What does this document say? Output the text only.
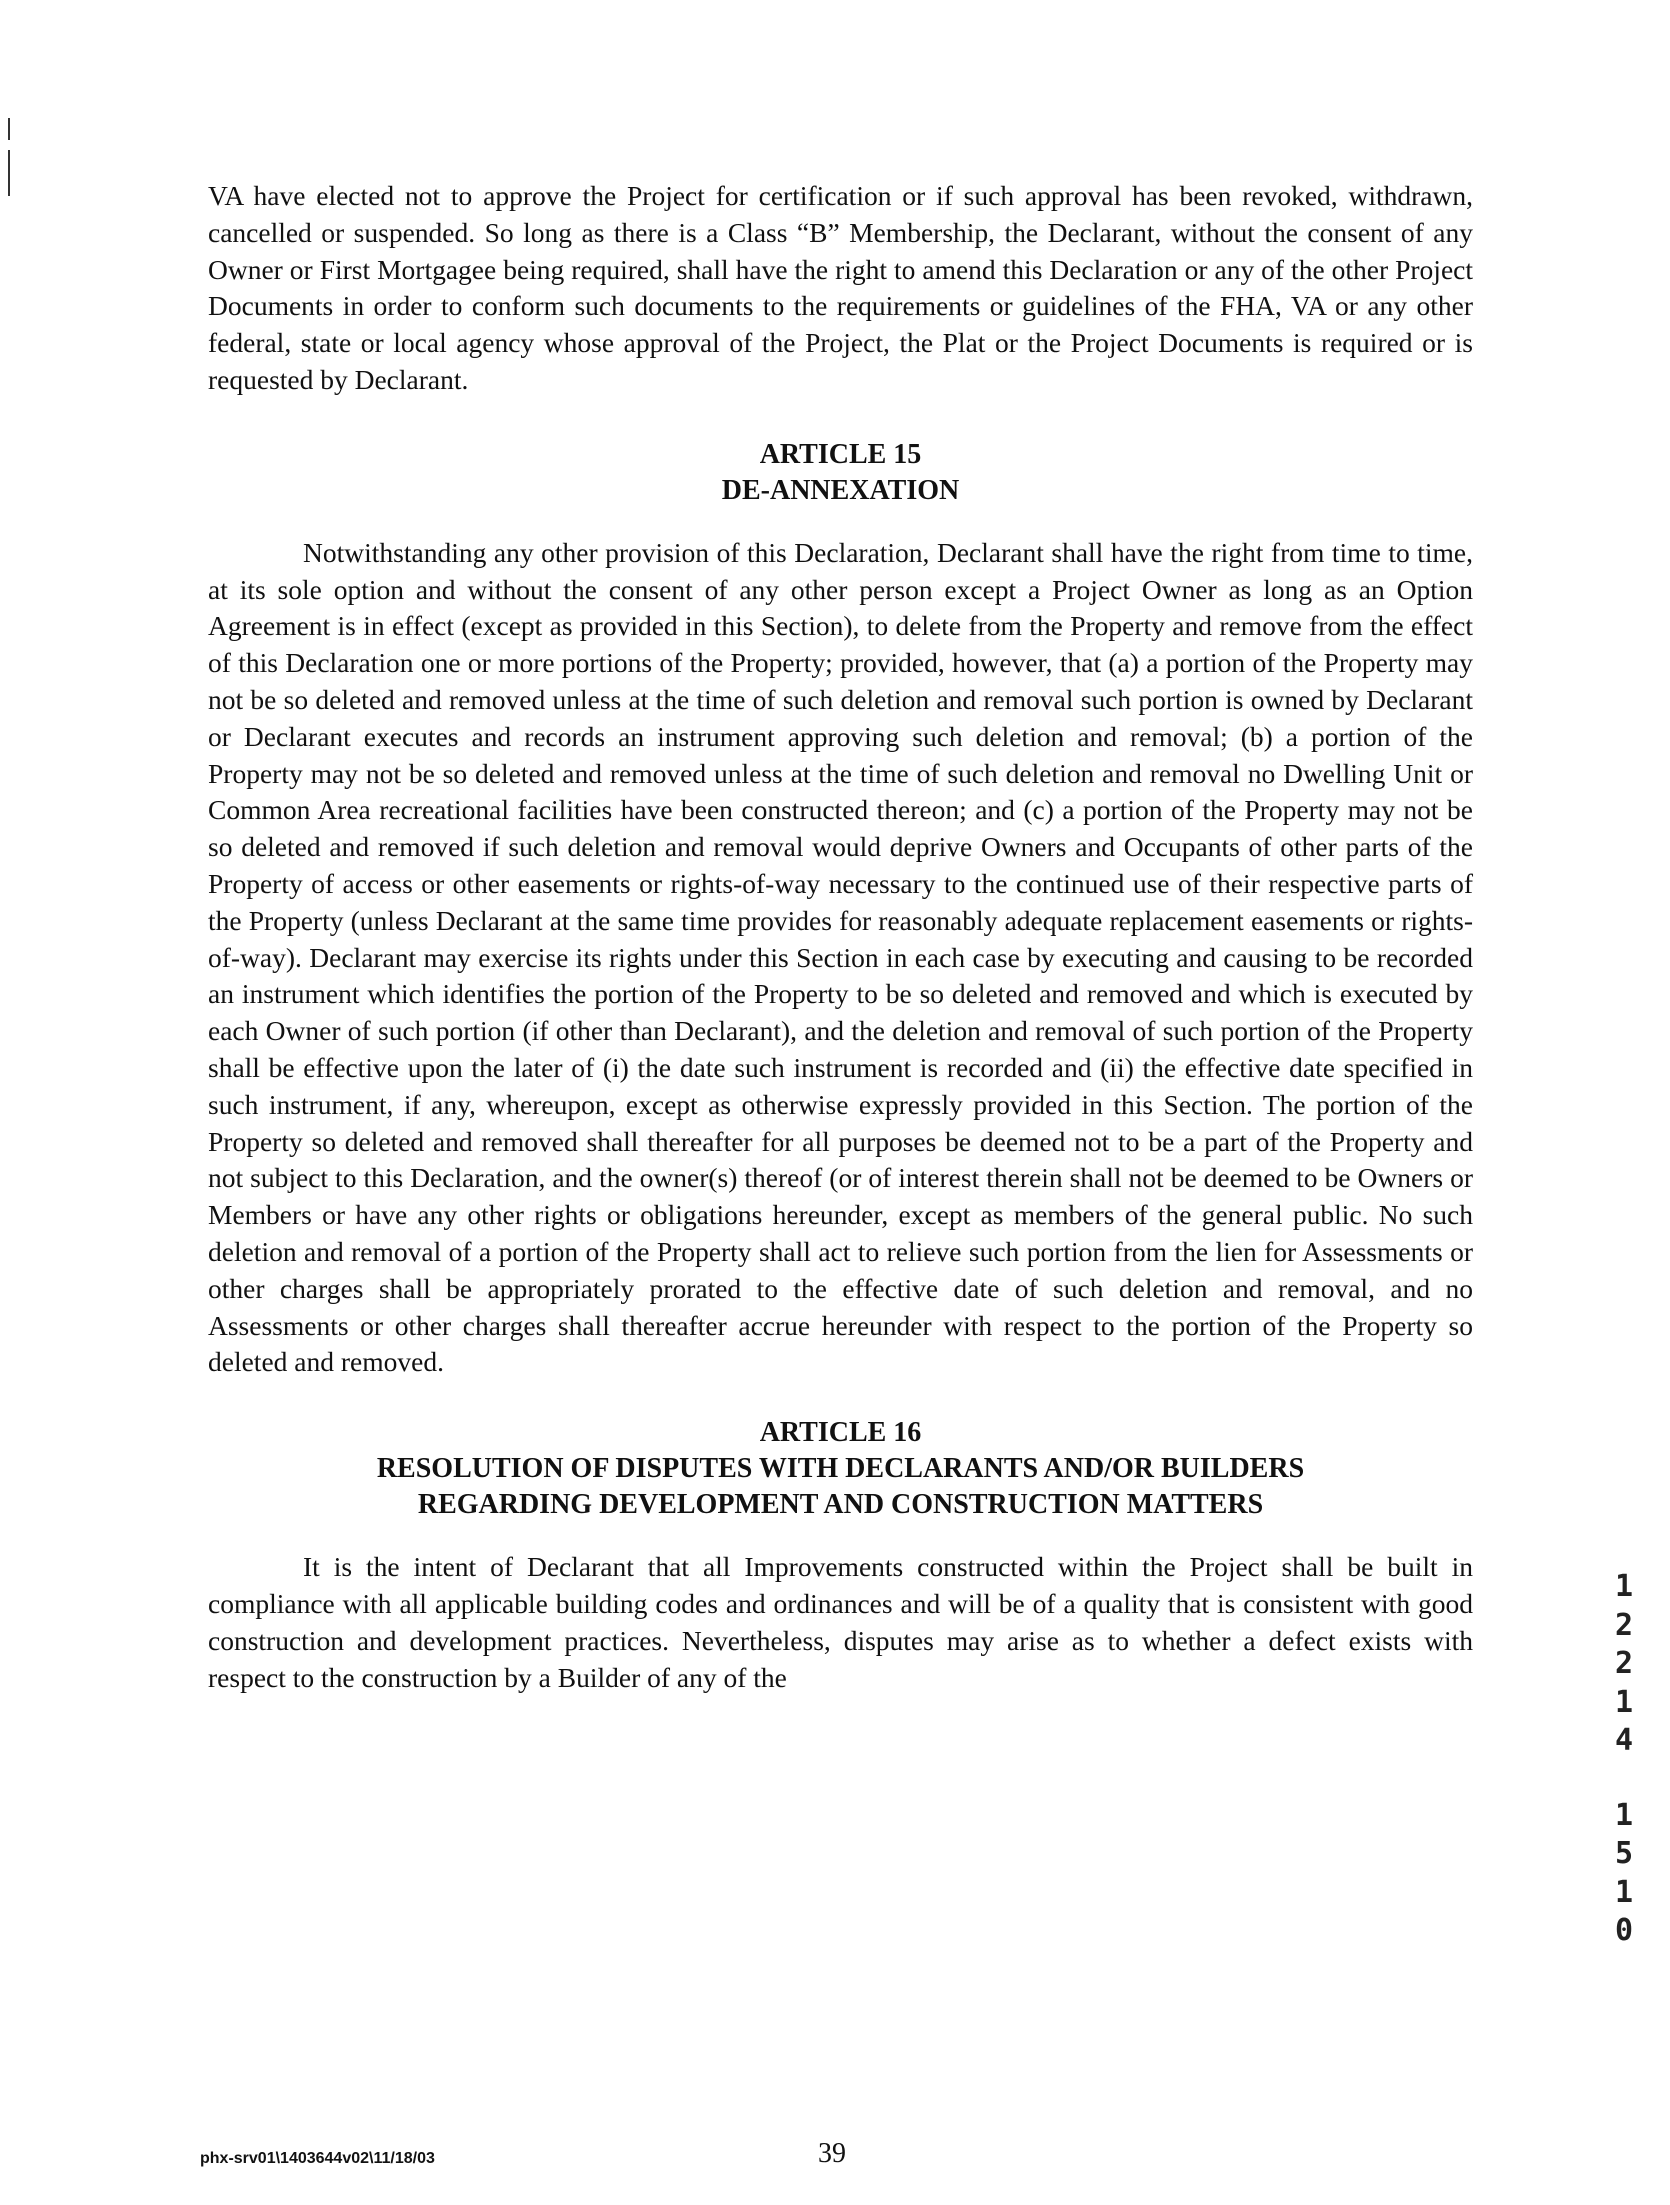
VA have elected not to approve the Project for certification or if such approval has been revoked, withdrawn, cancelled or suspended. So long as there is a Class “B” Membership, the Declarant, without the consent of any Owner or First Mortgagee being required, shall have the right to amend this Declaration or any of the other Project Documents in order to conform such documents to the requirements or guidelines of the FHA, VA or any other federal, state or local agency whose approval of the Project, the Plat or the Project Documents is required or is requested by Declarant.

ARTICLE 15
DE-ANNEXATION

Notwithstanding any other provision of this Declaration, Declarant shall have the right from time to time, at its sole option and without the consent of any other person except a Project Owner as long as an Option Agreement is in effect (except as provided in this Section), to delete from the Property and remove from the effect of this Declaration one or more portions of the Property; provided, however, that (a) a portion of the Property may not be so deleted and removed unless at the time of such deletion and removal such portion is owned by Declarant or Declarant executes and records an instrument approving such deletion and removal; (b) a portion of the Property may not be so deleted and removed unless at the time of such deletion and removal no Dwelling Unit or Common Area recreational facilities have been constructed thereon; and (c) a portion of the Property may not be so deleted and removed if such deletion and removal would deprive Owners and Occupants of other parts of the Property of access or other easements or rights-of-way necessary to the continued use of their respective parts of the Property (unless Declarant at the same time provides for reasonably adequate replacement easements or rights-of-way). Declarant may exercise its rights under this Section in each case by executing and causing to be recorded an instrument which identifies the portion of the Property to be so deleted and removed and which is executed by each Owner of such portion (if other than Declarant), and the deletion and removal of such portion of the Property shall be effective upon the later of (i) the date such instrument is recorded and (ii) the effective date specified in such instrument, if any, whereupon, except as otherwise expressly provided in this Section. The portion of the Property so deleted and removed shall thereafter for all purposes be deemed not to be a part of the Property and not subject to this Declaration, and the owner(s) thereof (or of interest therein shall not be deemed to be Owners or Members or have any other rights or obligations hereunder, except as members of the general public. No such deletion and removal of a portion of the Property shall act to relieve such portion from the lien for Assessments or other charges shall be appropriately prorated to the effective date of such deletion and removal, and no Assessments or other charges shall thereafter accrue hereunder with respect to the portion of the Property so deleted and removed.

ARTICLE 16
RESOLUTION OF DISPUTES WITH DECLARANTS AND/OR BUILDERS
REGARDING DEVELOPMENT AND CONSTRUCTION MATTERS

It is the intent of Declarant that all Improvements constructed within the Project shall be built in compliance with all applicable building codes and ordinances and will be of a quality that is consistent with good construction and development practices. Nevertheless, disputes may arise as to whether a defect exists with respect to the construction by a Builder of any of the

1
2
2
1
4
1
5
1
0
phx-srv01\1403644v02\11/18/03	39
